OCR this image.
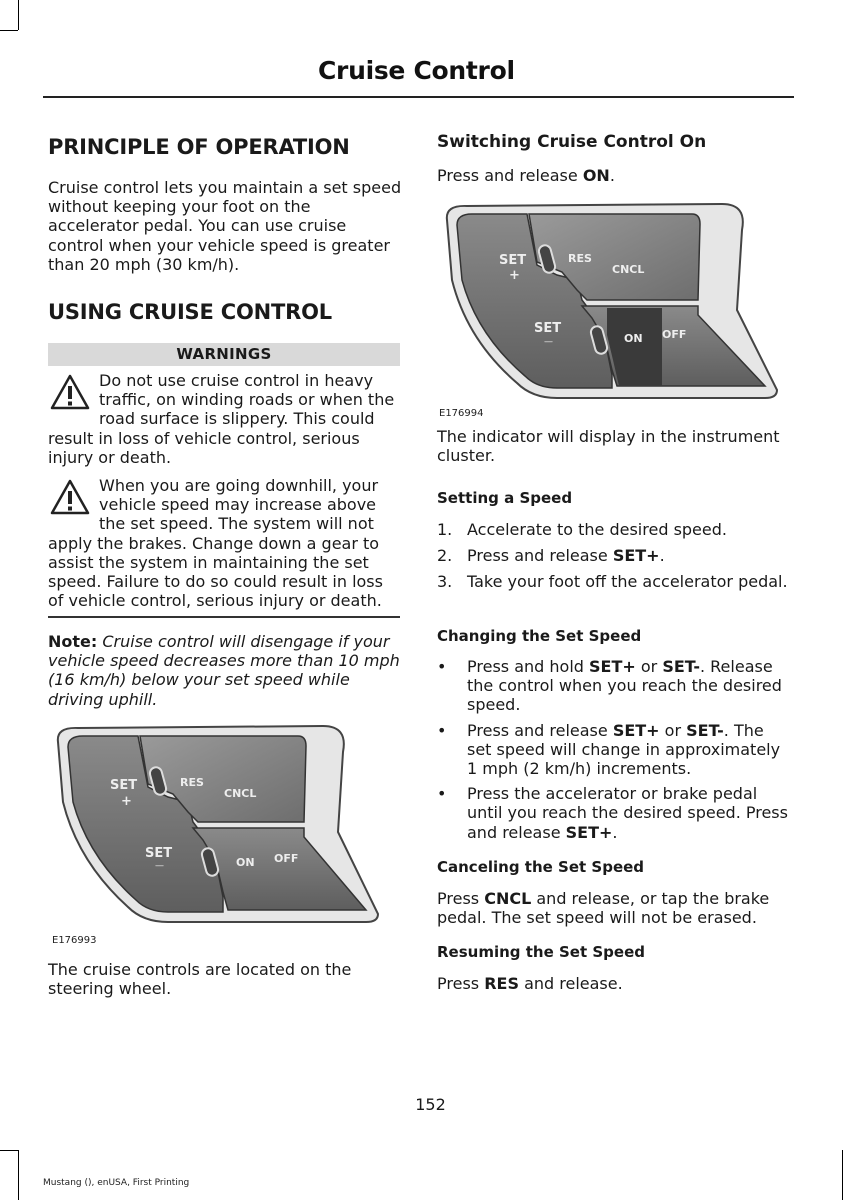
Cruise Control
PRINCIPLE OF OPERATION

Cruise control lets you maintain a set speed without keeping your foot on the accelerator pedal. You can use cruise control when your vehicle speed is greater than 20 mph (30 km/h).

USING CRUISE CONTROL
WARNINGS
Do not use cruise control in heavy traffic, on winding roads or when the road surface is slippery. This could result in loss of vehicle control, serious injury or death.
When you are going downhill, your vehicle speed may increase above the set speed. The system will not apply the brakes. Change down a gear to assist the system in maintaining the set speed. Failure to do so could result in loss of vehicle control, serious injury or death.

Note: Cruise control will disengage if your vehicle speed decreases more than 10 mph (16 km/h) below your set speed while driving uphill.

SET
+
RES
CNCL
SET
—	ON OFF
E176993

The cruise controls are located on the steering wheel.

Switching Cruise Control On

Press and release ON.

SET
+
RES
CNCL
SET
—	ON OFF
E176994

The indicator will display in the instrument cluster.

Setting a Speed
1. Accelerate to the desired speed.
2. Press and release SET+.
3. Take your foot off the accelerator pedal.
Changing the Set Speed
• Press and hold SET+ or SET-. Release the control when you reach the desired speed.
• Press and release SET+ or SET-. The set speed will change in approximately 1 mph (2 km/h) increments.
• Press the accelerator or brake pedal until you reach the desired speed. Press and release SET+.
Canceling the Set Speed

Press CNCL and release, or tap the brake pedal. The set speed will not be erased.

Resuming the Set Speed

Press RES and release.

152
Mustang (), enUSA, First Printing
